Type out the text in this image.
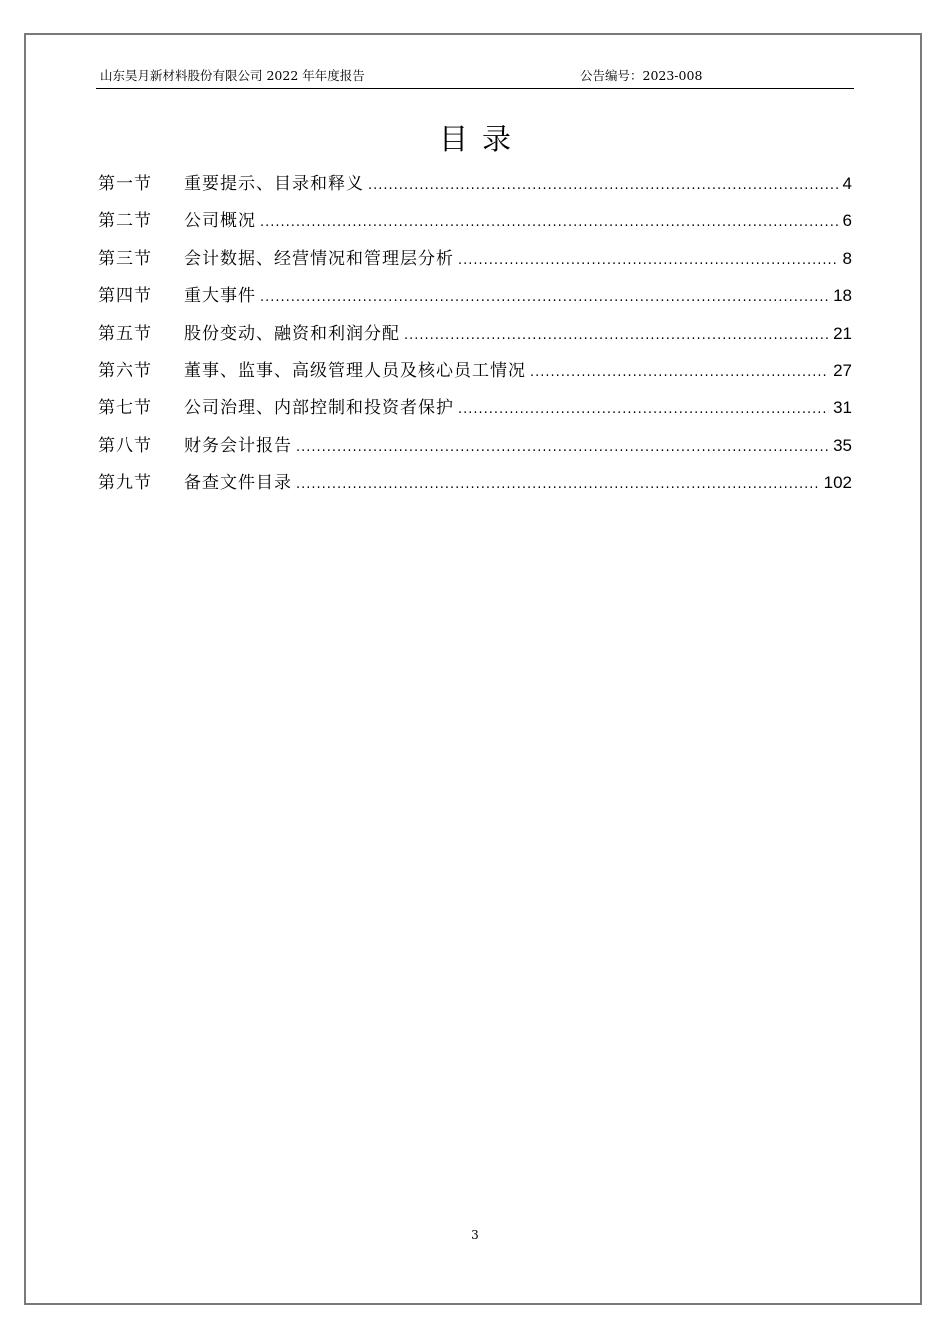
山东昊月新材料股份有限公司 2022 年年度报告	公告编号：2023-008
目录
第一节	重要提示、目录和释义 .....	4
第二节	公司概况 .....	6
第三节	会计数据、经营情况和管理层分析 .....	8
第四节	重大事件 .....	18
第五节	股份变动、融资和利润分配 .....	21
第六节	董事、监事、高级管理人员及核心员工情况 .....	27
第七节	公司治理、内部控制和投资者保护 .....	31
第八节	财务会计报告 .....	35
第九节	备查文件目录 .....	102
3
